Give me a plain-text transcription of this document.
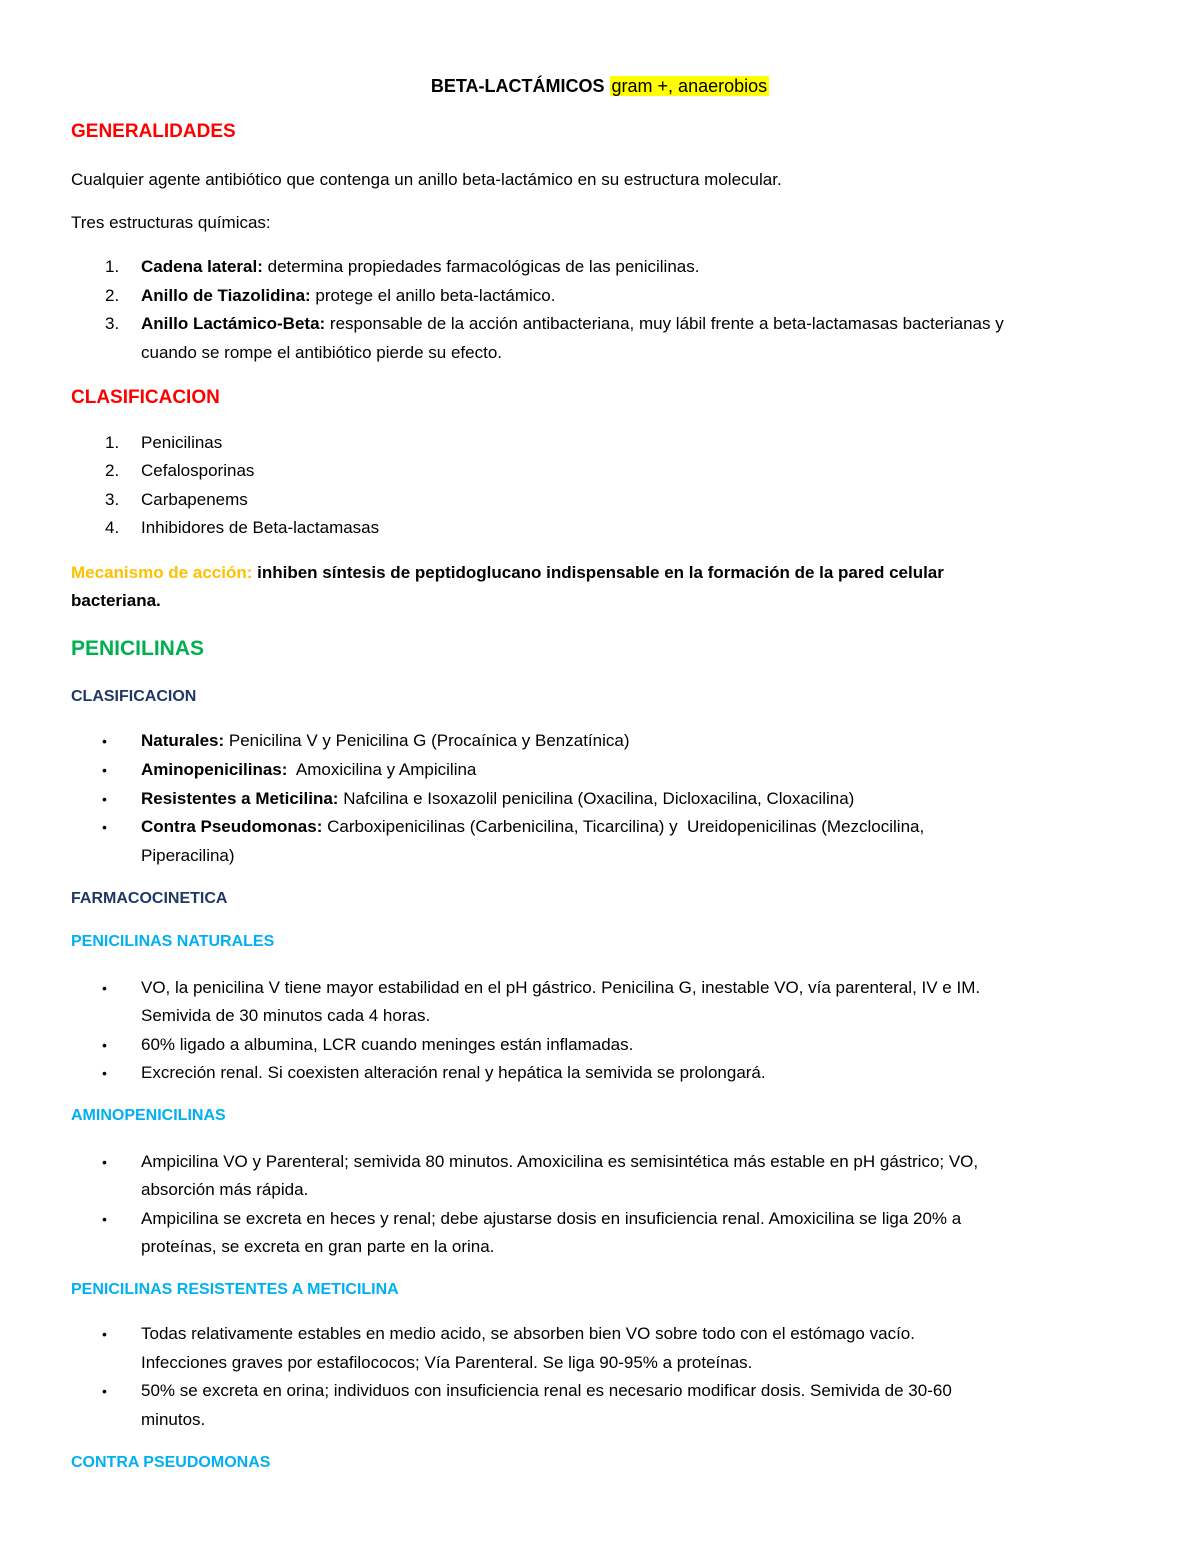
BETA-LACTÁMICOS gram +, anaerobios
GENERALIDADES
Cualquier agente antibiótico que contenga un anillo beta-lactámico en su estructura molecular.
Tres estructuras químicas:
1.	Cadena lateral: determina propiedades farmacológicas de las penicilinas.
2.	Anillo de Tiazolidina: protege el anillo beta-lactámico.
3.	Anillo Lactámico-Beta: responsable de la acción antibacteriana, muy lábil frente a beta-lactamasas bacterianas y
cuando se rompe el antibiótico pierde su efecto.
CLASIFICACION
1.	Penicilinas
2.	Cefalosporinas
3.	Carbapenems
4.	Inhibidores de Beta-lactamasas
Mecanismo de acción: inhiben síntesis de peptidoglucano indispensable en la formación de la pared celular
bacteriana.
PENICILINAS
CLASIFICACION
•	Naturales: Penicilina V y Penicilina G (Procaínica y Benzatínica)
•	Aminopenicilinas:  Amoxicilina y Ampicilina
•	Resistentes a Meticilina: Nafcilina e Isoxazolil penicilina (Oxacilina, Dicloxacilina, Cloxacilina)
•	Contra Pseudomonas: Carboxipenicilinas (Carbenicilina, Ticarcilina) y  Ureidopenicilinas (Mezclocilina,
Piperacilina)
FARMACOCINETICA
PENICILINAS NATURALES
•	VO, la penicilina V tiene mayor estabilidad en el pH gástrico. Penicilina G, inestable VO, vía parenteral, IV e IM.
Semivida de 30 minutos cada 4 horas.
•	60% ligado a albumina, LCR cuando meninges están inflamadas.
•	Excreción renal. Si coexisten alteración renal y hepática la semivida se prolongará.
AMINOPENICILINAS
•	Ampicilina VO y Parenteral; semivida 80 minutos. Amoxicilina es semisintética más estable en pH gástrico; VO,
absorción más rápida.
•	Ampicilina se excreta en heces y renal; debe ajustarse dosis en insuficiencia renal. Amoxicilina se liga 20% a
proteínas, se excreta en gran parte en la orina.
PENICILINAS RESISTENTES A METICILINA
•	Todas relativamente estables en medio acido, se absorben bien VO sobre todo con el estómago vacío.
Infecciones graves por estafilococos; Vía Parenteral. Se liga 90-95% a proteínas.
•	50% se excreta en orina; individuos con insuficiencia renal es necesario modificar dosis. Semivida de 30-60
minutos.
CONTRA PSEUDOMONAS
